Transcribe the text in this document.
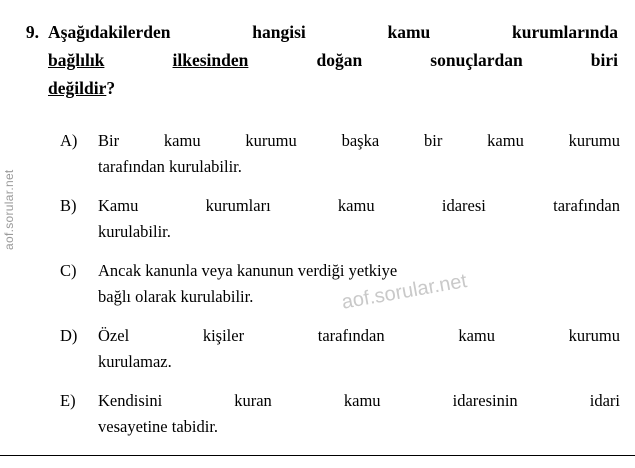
aof.sorular.net
aof.sorular.net
9. Aşağıdakilerden hangisi kamu kurumlarında
bağlılık	ilkesinden	doğan sonuçlardan biri
değildir?
A)	Bir kamu kurumu başka bir kamu kurumu
tarafından kurulabilir.
B)	Kamu kurumları kamu idaresi tarafından
kurulabilir.
C)	Ancak kanunla veya kanunun verdiği yetkiye
bağlı olarak kurulabilir.
D)	Özel kişiler tarafından kamu kurumu
kurulamaz.
E)	Kendisini kuran kamu idaresinin idari
vesayetine tabidir.
